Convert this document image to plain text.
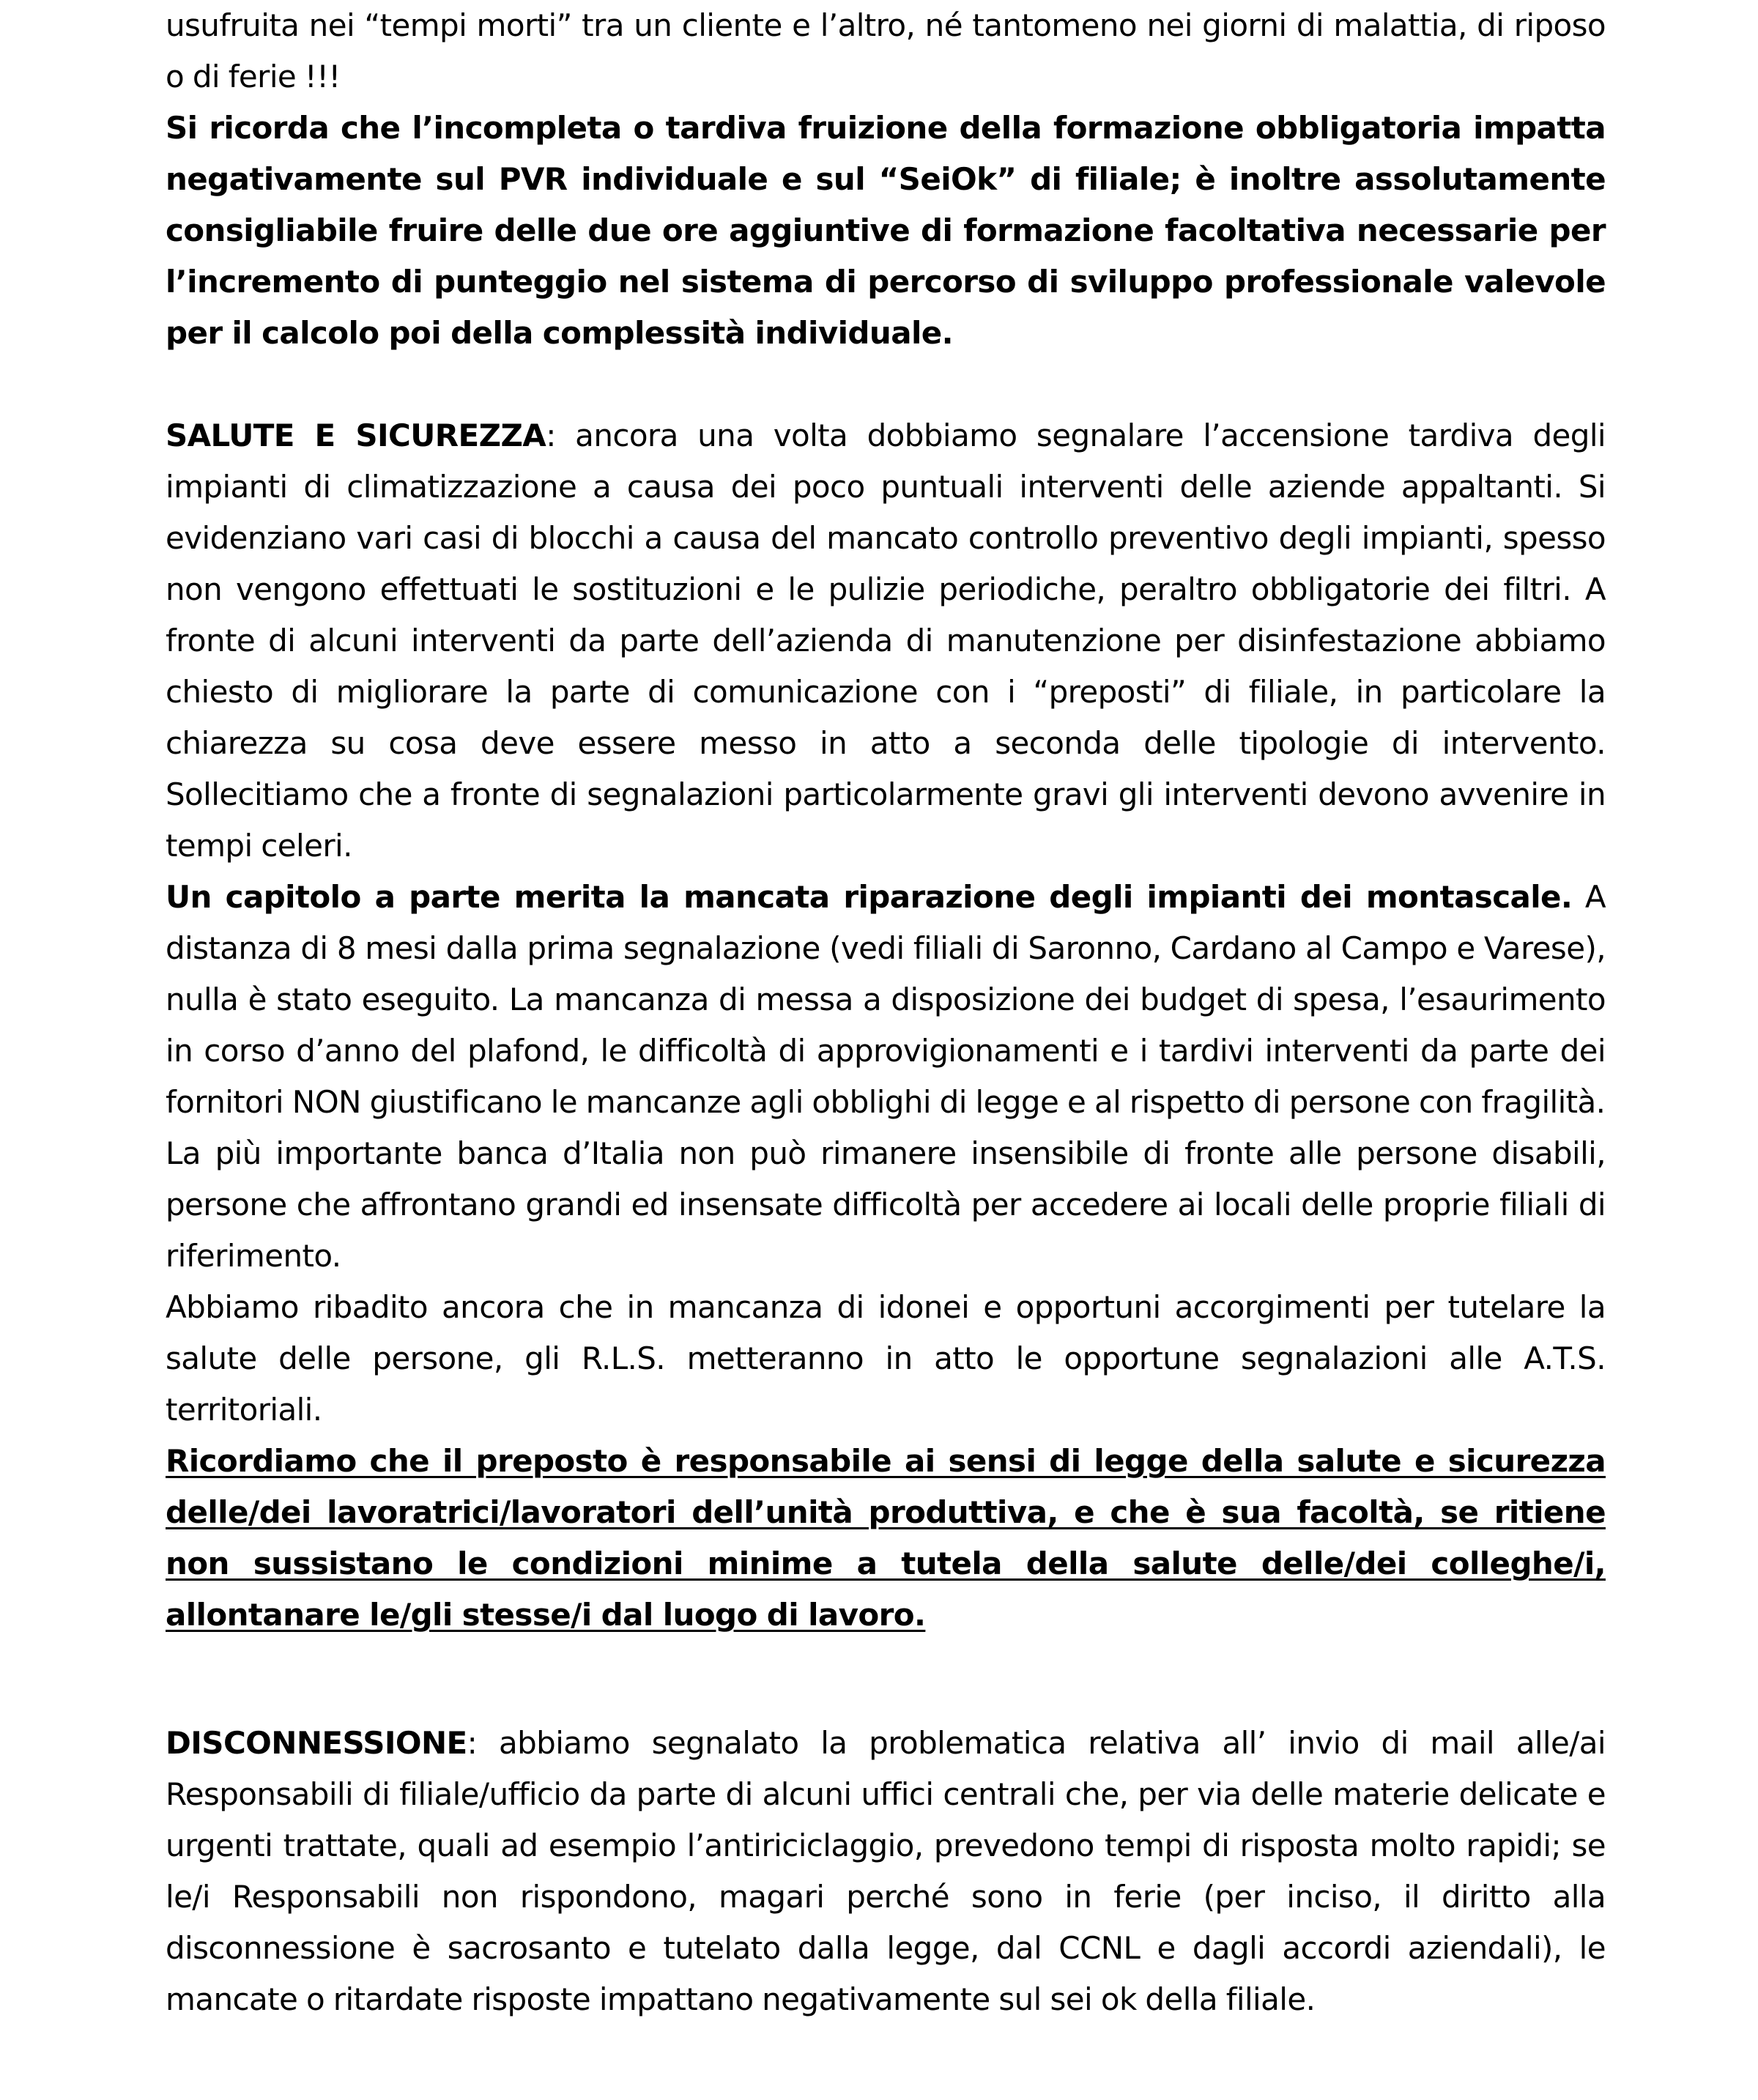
usufruita nei “tempi morti” tra un cliente e l’altro, né tantomeno nei giorni di malattia, di riposo o di ferie !!!

Si ricorda che l’incompleta o tardiva fruizione della formazione obbligatoria impatta negativamente sul PVR individuale e sul “SeiOk” di filiale; è inoltre assolutamente consigliabile fruire delle due ore aggiuntive di formazione facoltativa necessarie per l’incremento di punteggio nel sistema di percorso di sviluppo professionale valevole per il calcolo poi della complessità individuale.

SALUTE E SICUREZZA: ancora una volta dobbiamo segnalare l’accensione tardiva degli impianti di climatizzazione a causa dei poco puntuali interventi delle aziende appaltanti. Si evidenziano vari casi di blocchi a causa del mancato controllo preventivo degli impianti, spesso non vengono effettuati le sostituzioni e le pulizie periodiche, peraltro obbligatorie dei filtri. A fronte di alcuni interventi da parte dell’azienda di manutenzione per disinfestazione abbiamo chiesto di migliorare la parte di comunicazione con i “preposti” di filiale, in particolare la chiarezza su cosa deve essere messo in atto a seconda delle tipologie di intervento. Sollecitiamo che a fronte di segnalazioni particolarmente gravi gli interventi devono avvenire in tempi celeri.

Un capitolo a parte merita la mancata riparazione degli impianti dei montascale. A distanza di 8 mesi dalla prima segnalazione (vedi filiali di Saronno, Cardano al Campo e Varese), nulla è stato eseguito. La mancanza di messa a disposizione dei budget di spesa, l’esaurimento in corso d’anno del plafond, le difficoltà di approvigionamenti e i tardivi interventi da parte dei fornitori NON giustificano le mancanze agli obblighi di legge e al rispetto di persone con fragilità.

La più importante banca d’Italia non può rimanere insensibile di fronte alle persone disabili, persone che affrontano grandi ed insensate difficoltà per accedere ai locali delle proprie filiali di riferimento.

Abbiamo ribadito ancora che in mancanza di idonei e opportuni accorgimenti per tutelare la salute delle persone, gli R.L.S. metteranno in atto le opportune segnalazioni alle A.T.S. territoriali.

Ricordiamo che il preposto è responsabile ai sensi di legge della salute e sicurezza delle/dei lavoratrici/lavoratori dell’unità produttiva, e che è sua facoltà, se ritiene non sussistano le condizioni minime a tutela della salute delle/dei colleghe/i, allontanare le/gli stesse/i dal luogo di lavoro.

DISCONNESSIONE: abbiamo segnalato la problematica relativa all’ invio di mail alle/ai Responsabili di filiale/ufficio da parte di alcuni uffici centrali che, per via delle materie delicate e urgenti trattate, quali ad esempio l’antiriciclaggio, prevedono tempi di risposta molto rapidi; se le/i Responsabili non rispondono, magari perché sono in ferie (per inciso, il diritto alla disconnessione è sacrosanto e tutelato dalla legge, dal CCNL e dagli accordi aziendali), le mancate o ritardate risposte impattano negativamente sul sei ok della filiale.
